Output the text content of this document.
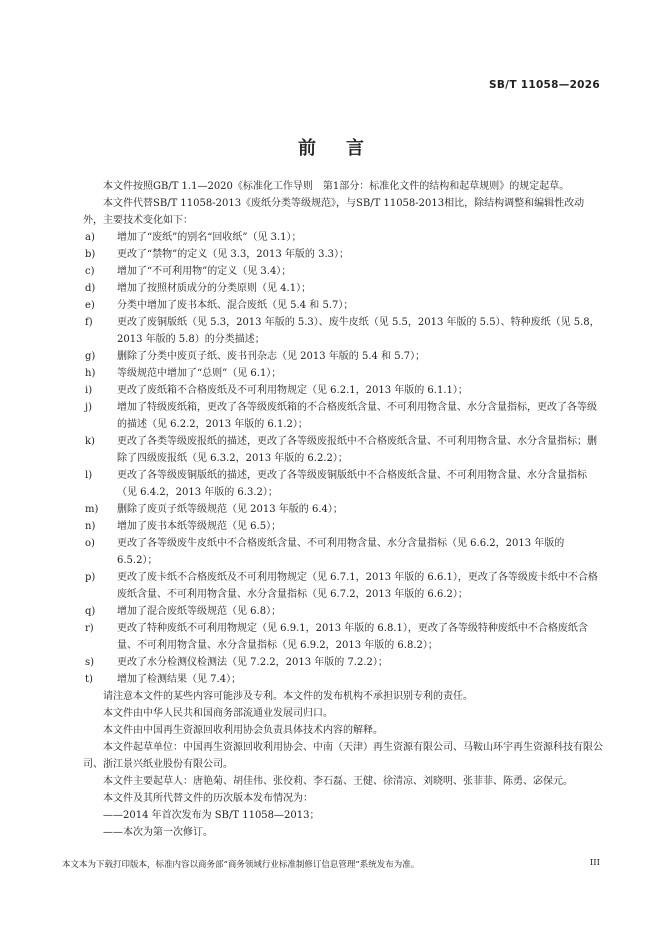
SB/T 11058—2026
前言

本文件按照GB/T 1.1—2020《标准化工作导则　第1部分：标准化文件的结构和起草规则》的规定起草。

本文件代替SB/T 11058-2013《废纸分类等级规范》，与SB/T 11058-2013相比，除结构调整和编辑性改动外，主要技术变化如下：

a)	增加了“废纸”的别名“回收纸”（见 3.1）；
b)	更改了“禁物”的定义（见 3.3，2013 年版的 3.3）；
c)	增加了“不可利用物”的定义（见 3.4）；
d)	增加了按照材质成分的分类原则（见 4.1）；
e)	分类中增加了废书本纸、混合废纸（见 5.4 和 5.7）；
f)	更改了废铜版纸（见 5.3，2013 年版的 5.3）、废牛皮纸（见 5.5，2013 年版的 5.5）、特种废纸（见 5.8，2013 年版的 5.8）的分类描述；
g)	删除了分类中废页子纸、废书刊杂志（见 2013 年版的 5.4 和 5.7）；
h)	等级规范中增加了“总则”（见 6.1）；
i)	更改了废纸箱不合格废纸及不可利用物规定（见 6.2.1，2013 年版的 6.1.1）；
j)	增加了特级废纸箱，更改了各等级废纸箱的不合格废纸含量、不可利用物含量、水分含量指标，更改了各等级的描述（见 6.2.2，2013 年版的 6.1.2）；
k)	更改了各类等级废报纸的描述，更改了各等级废报纸中不合格废纸含量、不可利用物含量、水分含量指标；删除了四级废报纸（见 6.3.2，2013 年版的 6.2.2）；
l)	更改了各等级废铜版纸的描述，更改了各等级废铜版纸中不合格废纸含量、不可利用物含量、水分含量指标（见 6.4.2，2013 年版的 6.3.2）；
m)	删除了废页子纸等级规范（见 2013 年版的 6.4）；
n)	增加了废书本纸等级规范（见 6.5）；
o)	更改了各等级废牛皮纸中不合格废纸含量、不可利用物含量、水分含量指标（见 6.6.2，2013 年版的 6.5.2）；
p)	更改了废卡纸不合格废纸及不可利用物规定（见 6.7.1，2013 年版的 6.6.1），更改了各等级废卡纸中不合格废纸含量、不可利用物含量、水分含量指标（见 6.7.2，2013 年版的 6.6.2）；
q)	增加了混合废纸等级规范（见 6.8）；
r)	更改了特种废纸不可利用物规定（见 6.9.1，2013 年版的 6.8.1），更改了各等级特种废纸中不合格废纸含量、不可利用物含量、水分含量指标（见 6.9.2，2013 年版的 6.8.2）；
s)	更改了水分检测仪检测法（见 7.2.2，2013 年版的 7.2.2）；
t)	增加了检测结果（见 7.4）；

请注意本文件的某些内容可能涉及专利。本文件的发布机构不承担识别专利的责任。

本文件由中华人民共和国商务部流通业发展司归口。

本文件由中国再生资源回收利用协会负责具体技术内容的解释。

本文件起草单位：中国再生资源回收利用协会、中南（天津）再生资源有限公司、马鞍山环宇再生资源科技有限公司、浙江景兴纸业股份有限公司。

本文件主要起草人：唐艳菊、胡佳伟、张佼莉、李石磊、王健、徐清凉、刘晓明、张菲菲、陈勇、宓保元。

本文件及其所代替文件的历次版本发布情况为：

——2014 年首次发布为 SB/T 11058—2013；

——本次为第一次修订。

本文本为下载打印版本，标准内容以商务部“商务领域行业标准制修订信息管理”系统发布为准。	III
